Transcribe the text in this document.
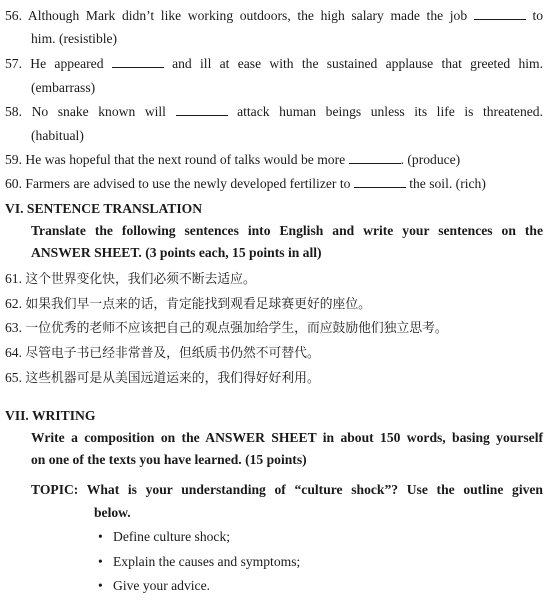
56. Although Mark didn’t like working outdoors, the high salary made the job	to
him. (resistible)
57. He appeared	and ill at ease with the sustained applause that greeted him.
(embarrass)
58. No snake known will	attack human beings unless its life is threatened.
(habitual)
59. He was hopeful that the next round of talks would be more	. (produce)
60. Farmers are advised to use the newly developed fertilizer to	the soil. (rich)
VI. SENTENCE TRANSLATION
Translate the following sentences into English and write your sentences on the
ANSWER SHEET. (3 points each, 15 points in all)
61. 这个世界变化快，我们必须不断去适应。
62. 如果我们早一点来的话，肯定能找到观看足球赛更好的座位。
63. 一位优秀的老师不应该把自己的观点强加给学生，而应鼓励他们独立思考。
64. 尽管电子书已经非常普及，但纸质书仍然不可替代。
65. 这些机器可是从美国远道运来的，我们得好好利用。
VII. WRITING
Write a composition on the ANSWER SHEET in about 150 words, basing yourself
on one of the texts you have learned. (15 points)
TOPIC: What is your understanding of “culture shock”? Use the outline given
below.
• Define culture shock;
• Explain the causes and symptoms;
• Give your advice.
